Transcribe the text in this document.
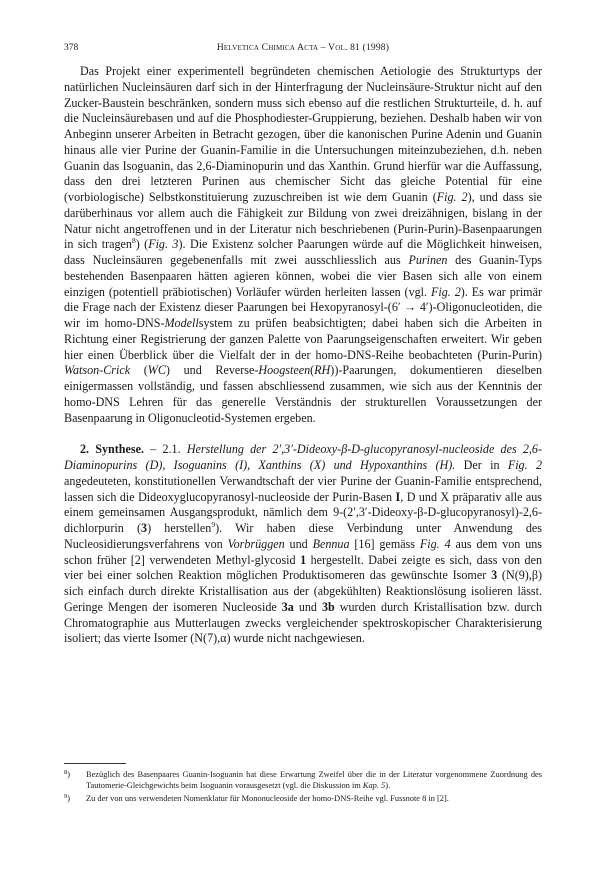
378	Helvetica Chimica Acta – Vol. 81 (1998)

Das Projekt einer experimentell begründeten chemischen Aetiologie des Strukturtyps der natürlichen Nucleinsäuren darf sich in der Hinterfragung der Nucleinsäure-Struktur nicht auf den Zucker-Baustein beschränken, sondern muss sich ebenso auf die restlichen Strukturteile, d. h. auf die Nucleinsäurebasen und auf die Phosphodiester-Gruppierung, beziehen. Deshalb haben wir von Anbeginn unserer Arbeiten in Betracht gezogen, über die kanonischen Purine Adenin und Guanin hinaus alle vier Purine der Guanin-Familie in die Untersuchungen miteinzubeziehen, d.h. neben Guanin das Isoguanin, das 2,6-Diaminopurin und das Xanthin. Grund hierfür war die Auffassung, dass den drei letzteren Purinen aus chemischer Sicht das gleiche Potential für eine (vorbiologische) Selbstkonstituierung zuzuschreiben ist wie dem Guanin (Fig. 2), und dass sie darüberhinaus vor allem auch die Fähigkeit zur Bildung von zwei dreizähnigen, bislang in der Natur nicht angetroffenen und in der Literatur nich beschriebenen (Purin-Purin)-Basenpaarungen in sich tragen$^8$) (Fig. 3). Die Existenz solcher Paarungen würde auf die Möglichkeit hinweisen, dass Nucleinsäuren gegebenenfalls mit zwei ausschliesslich aus Purinen des Guanin-Typs bestehenden Basenpaaren hätten agieren können, wobei die vier Basen sich alle von einem einzigen (potentiell präbiotischen) Vorläufer würden herleiten lassen (vgl. Fig. 2). Es war primär die Frage nach der Existenz dieser Paarungen bei Hexopyranosyl-(6′ → 4′)-Oligonucleotiden, die wir im homo-DNS-Modellsystem zu prüfen beabsichtigten; dabei haben sich die Arbeiten in Richtung einer Registrierung der ganzen Palette von Paarungseigenschaften erweitert. Wir geben hier einen Überblick über die Vielfalt der in der homo-DNS-Reihe beobachteten (Purin-Purin) Watson-Crick (WC) und Reverse-Hoogsteen(RH))-Paarungen, dokumentieren dieselben einigermassen vollständig, und fassen abschliessend zusammen, wie sich aus der Kenntnis der homo-DNS Lehren für das generelle Verständnis der strukturellen Voraussetzungen der Basenpaarung in Oligonucleotid-Systemen ergeben.

2. Synthese. – 2.1. Herstellung der 2′,3′-Dideoxy-β-D-glucopyranosyl-nucleoside des 2,6-Diaminopurins (D), Isoguanins (I), Xanthins (X) und Hypoxanthins (H). Der in Fig. 2 angedeuteten, konstitutionellen Verwandtschaft der vier Purine der Guanin-Familie entsprechend, lassen sich die Dideoxyglucopyranosyl-nucleoside der Purin-Basen I, D und X präparativ alle aus einem gemeinsamen Ausgangsprodukt, nämlich dem 9-(2′,3′-Dideoxy-β-D-glucopyranosyl)-2,6-dichlorpurin (3) herstellen$^9$). Wir haben diese Verbindung unter Anwendung des Nucleosidierungsverfahrens von Vorbrüggen und Bennua [16] gemäss Fig. 4 aus dem von uns schon früher [2] verwendeten Methyl-glycosid 1 hergestellt. Dabei zeigte es sich, dass von den vier bei einer solchen Reaktion möglichen Produktisomeren das gewünschte Isomer 3 (N(9),β) sich einfach durch direkte Kristallisation aus der (abgekühlten) Reaktionslösung isolieren lässt. Geringe Mengen der isomeren Nucleoside 3a und 3b wurden durch Kristallisation bzw. durch Chromatographie aus Mutterlaugen zwecks vergleichender spektroskopischer Charakterisierung isoliert; das vierte Isomer (N(7),α) wurde nicht nachgewiesen.

$^8$) Bezüglich des Basenpaares Guanin-Isoguanin hat diese Erwartung Zweifel über die in der Literatur vorgenommene Zuordnung des Tautomerie-Gleichgewichts beim Isoguanin vorausgesetzt (vgl. die Diskussion im Kap. 5).
$^9$) Zu der von uns verwendeten Nomenklatur für Mononucleoside der homo-DNS-Reihe vgl. Fussnote 8 in [2].
